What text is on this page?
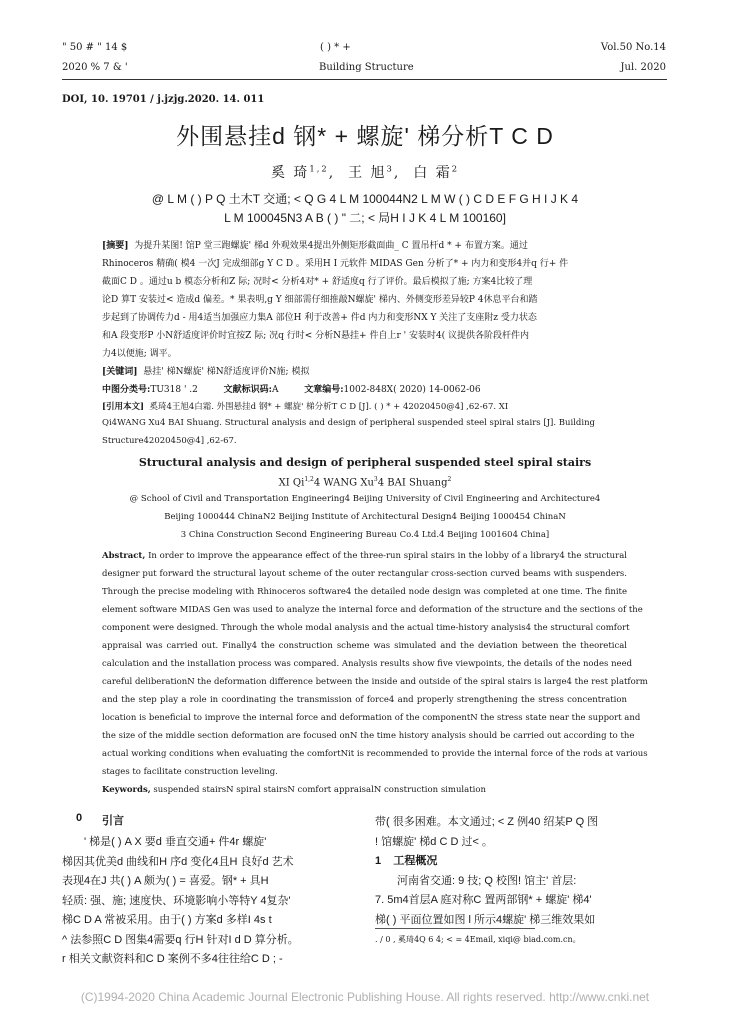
" 50 # " 14 $
2020 % 7 & '
( ) * +
Building Structure
Vol.50 No.14
Jul. 2020
DOI, 10. 19701 / j.jzjg.2020. 14. 011
外围悬挂d 钢* + 螺旋' 梯分析T C D
奚 琦$^{1,2}$, 王 旭$^3$, 白 霜$^2$
@ L M ( ) P Q 土木T 交通; < Q G 4 L M 100044N2 L M W ( ) C D E F G H I J K 4
L M 100045N3 A B ( ) " 二; < 局H I J K 4 L M 100160]
[摘要] 为提升某图! 馆P 堂三跑螺旋' 梯d 外观效果4提出外侧矩形截面曲_ C 置吊杆d * + 布置方案。通过
Rhinoceros 精确( 模4 一次J 完成细部g Y C D 。采用H I 元软件 MIDAS Gen 分析了* + 内力和变形4并q 行+ 件
截面C D 。通过u b 模态分析和Z 际; 况时< 分析4对* + 舒适度q 行了评价。最后模拟了施; 方案4比较了理
论D 算T 安装过< 造成d 偏差。* 果表明,g Y 细部需仔细推敲N螺旋' 梯内、外侧变形差异较P 4休息平台和踏
步起到了协调传力d - 用4适当加强应力集A 部位H 利于改善+ 件d 内力和变形NX Y 关注了支座附z 受力状态
和A 段变形P 小N舒适度评价时宜按Z 际; 况q 行时< 分析N悬挂+ 件自上r ' 安装时4( 议提供各阶段杆件内
力4以便施; 调平。
[关键词] 悬挂' 梯N螺旋' 梯N舒适度评价N施; 模拟
中图分类号:TU318 ' .2	文献标识码:A	文章编号:1002-848X( 2020) 14-0062-06
[引用本文] 奚琦4王旭4白霜. 外围悬挂d 钢* + 螺旋' 梯分析T C D [J]. ( ) * + 42020450@4] ,62-67. XI
Qi4WANG Xu4 BAI Shuang. Structural analysis and design of peripheral suspended steel spiral stairs [J]. Building
Structure42020450@4] ,62-67.
Structural analysis and design of peripheral suspended steel spiral stairs
XI Qi$^{1,2}$4 WANG Xu$^3$4 BAI Shuang$^2$
@ School of Civil and Transportation Engineering4 Beijing University of Civil Engineering and Architecture4
Beijing 1000444 ChinaN2 Beijing Institute of Architectural Design4 Beijing 1000454 ChinaN
3 China Construction Second Engineering Bureau Co.4 Ltd.4 Beijing 1001604 China]
Abstract, In order to improve the appearance effect of the three-run spiral stairs in the lobby of a library4 the structural
designer put forward the structural layout scheme of the outer rectangular cross-section curved beams with suspenders.
Through the precise modeling with Rhinoceros software4 the detailed node design was completed at one time. The finite
element software MIDAS Gen was used to analyze the internal force and deformation of the structure and the sections of the
component were designed. Through the whole modal analysis and the actual time-history analysis4 the structural comfort
appraisal was carried out. Finally4 the construction scheme was simulated and the deviation between the theoretical
calculation and the installation process was compared. Analysis results show five viewpoints, the details of the nodes need
careful deliberationN the deformation difference between the inside and outside of the spiral stairs is large4 the rest platform
and the step play a role in coordinating the transmission of force4 and properly strengthening the stress concentration
location is beneficial to improve the internal force and deformation of the componentN the stress state near the support and
the size of the middle section deformation are focused onN the time history analysis should be carried out according to the
actual working conditions when evaluating the comfortNit is recommended to provide the internal force of the rods at various
stages to facilitate construction leveling.
Keywords, suspended stairsN spiral stairsN comfort appraisalN construction simulation
0 引言
' 梯是( ) A X 要d 垂直交通+ 件4r 螺旋'
梯因其优美d 曲线和H 序d 变化4且H 良好d 艺术
表现4在J 共( ) A 颇为( ) = 喜爱。钢* + 具H
轻质: 强、施; 速度快、环境影响小等特Y 4复杂'
梯C D A 常被采用。由于( ) 方案d 多样I 4s t
^ 法参照C D 图集4需要q 行H 针对I d D 算分析。
r 相关文献资料和C D 案例不多4往往给C D ; -
带( 很多困难。本文通过; < Z 例40 绍某P Q 图
! 馆螺旋' 梯d C D 过< 。
1 工程概况
河南省交通: 9 技; Q 校图! 馆主' 首层:
7. 5m4首层A 庭对称C 置两部钢* + 螺旋' 梯4'
梯( ) 平面位置如图 l 所示4螺旋' 梯三维效果如
. / 0 , 奚琦4Q 6 4; < = 4Email, xiqi@ biad.com.cn。
(C)1994-2020 China Academic Journal Electronic Publishing House. All rights reserved. http://www.cnki.net
